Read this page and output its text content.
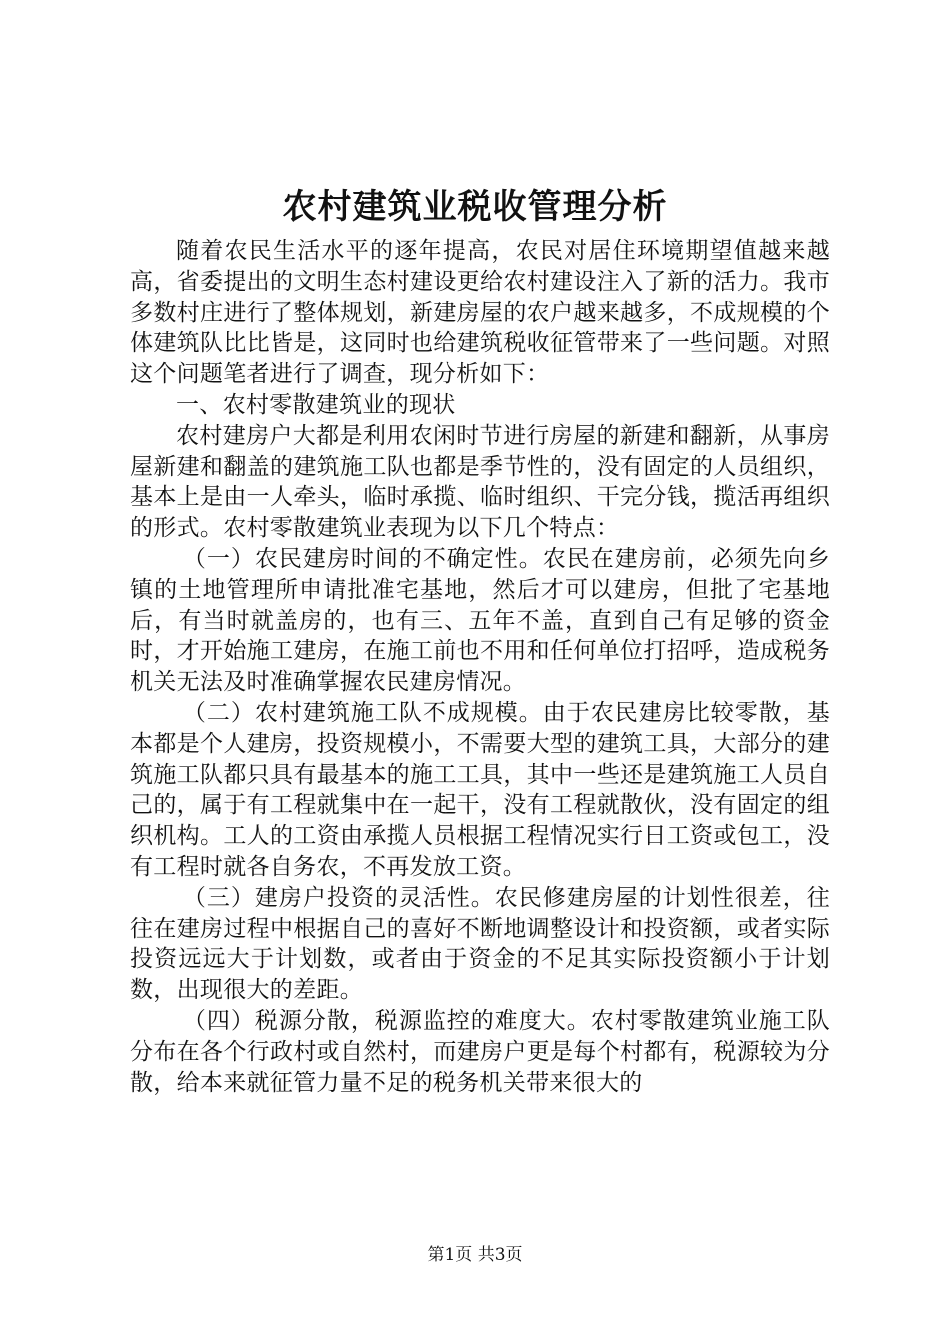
农村建筑业税收管理分析

随着农民生活水平的逐年提高，农民对居住环境期望值越来越高，省委提出的文明生态村建设更给农村建设注入了新的活力。我市多数村庄进行了整体规划，新建房屋的农户越来越多，不成规模的个体建筑队比比皆是，这同时也给建筑税收征管带来了一些问题。对照这个问题笔者进行了调查，现分析如下：

一、农村零散建筑业的现状

农村建房户大都是利用农闲时节进行房屋的新建和翻新，从事房屋新建和翻盖的建筑施工队也都是季节性的，没有固定的人员组织，基本上是由一人牵头，临时承揽、临时组织、干完分钱，揽活再组织的形式。农村零散建筑业表现为以下几个特点：

（一）农民建房时间的不确定性。农民在建房前，必须先向乡镇的土地管理所申请批准宅基地，然后才可以建房，但批了宅基地后，有当时就盖房的，也有三、五年不盖，直到自己有足够的资金时，才开始施工建房，在施工前也不用和任何单位打招呼，造成税务机关无法及时准确掌握农民建房情况。

（二）农村建筑施工队不成规模。由于农民建房比较零散，基本都是个人建房，投资规模小，不需要大型的建筑工具，大部分的建筑施工队都只具有最基本的施工工具，其中一些还是建筑施工人员自己的，属于有工程就集中在一起干，没有工程就散伙，没有固定的组织机构。工人的工资由承揽人员根据工程情况实行日工资或包工，没有工程时就各自务农，不再发放工资。

（三）建房户投资的灵活性。农民修建房屋的计划性很差，往往在建房过程中根据自己的喜好不断地调整设计和投资额，或者实际投资远远大于计划数，或者由于资金的不足其实际投资额小于计划数，出现很大的差距。

（四）税源分散，税源监控的难度大。农村零散建筑业施工队分布在各个行政村或自然村，而建房户更是每个村都有，税源较为分散，给本来就征管力量不足的税务机关带来很大的

第1页 共3页
